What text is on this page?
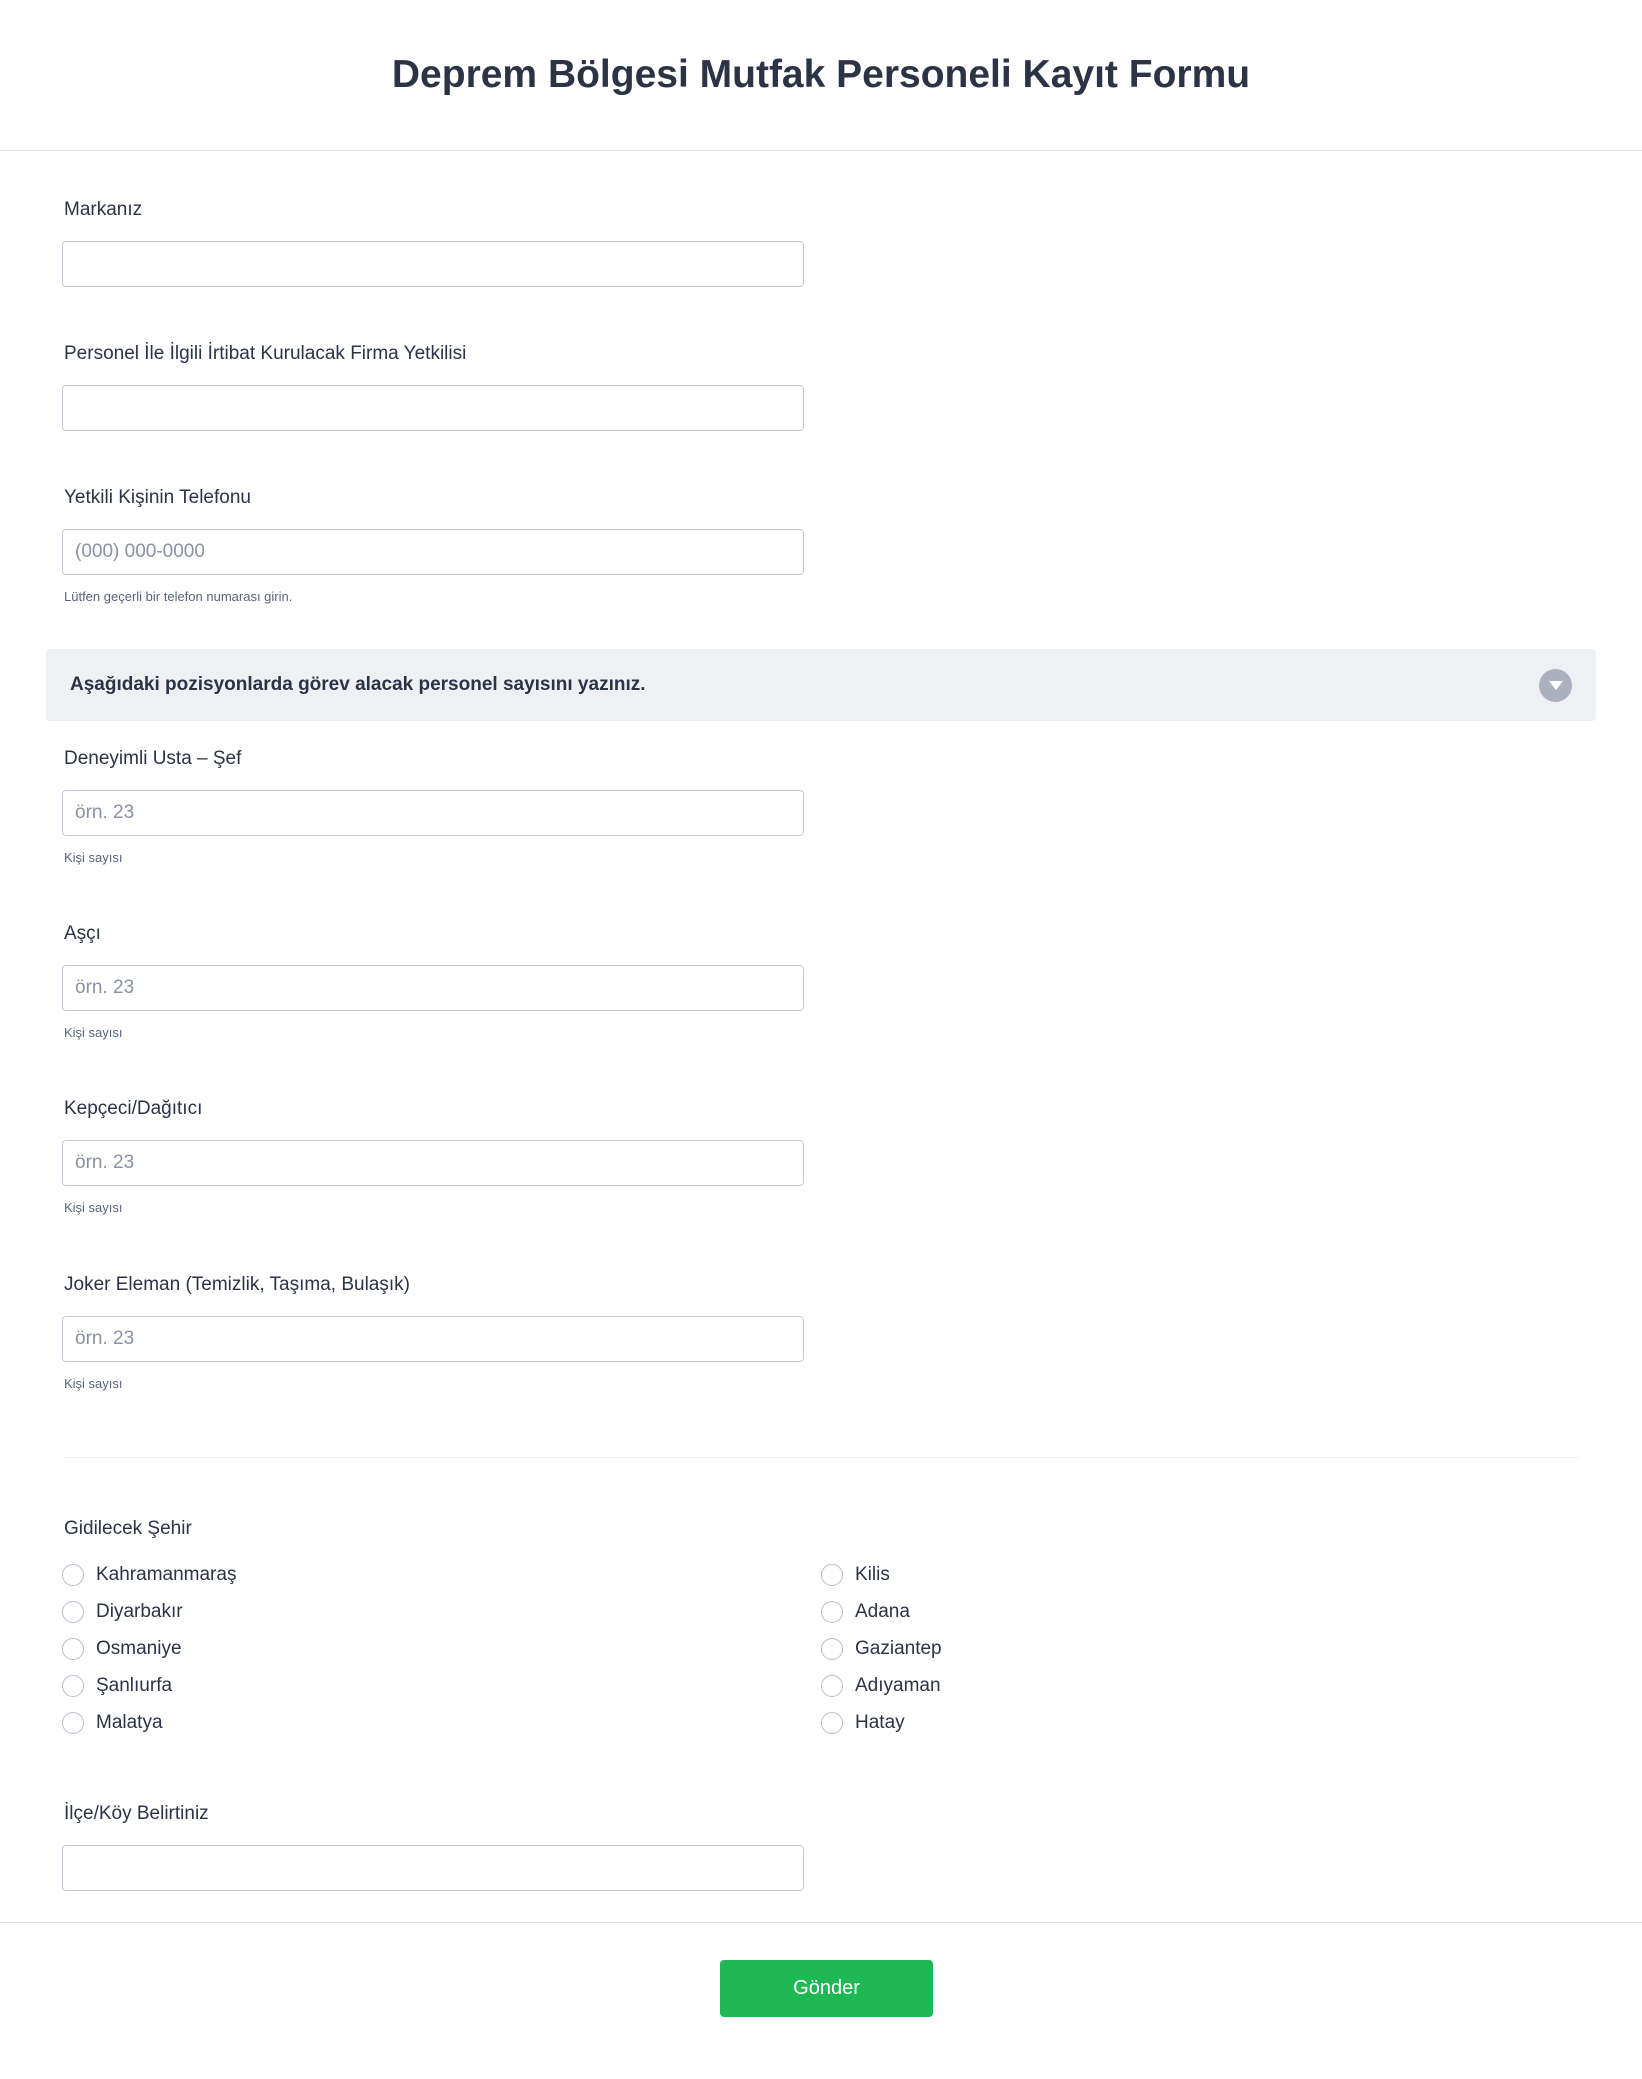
Deprem Bölgesi Mutfak Personeli Kayıt Formu
Markanız
Personel İle İlgili İrtibat Kurulacak Firma Yetkilisi
Yetkili Kişinin Telefonu
(000) 000-0000
Lütfen geçerli bir telefon numarası girin.
Aşağıdaki pozisyonlarda görev alacak personel sayısını yazınız.
Deneyimli Usta – Şef
örn. 23
Kişi sayısı
Aşçı
örn. 23
Kişi sayısı
Kepçeci/Dağıtıcı
örn. 23
Kişi sayısı
Joker Eleman (Temizlik, Taşıma, Bulaşık)
örn. 23
Kişi sayısı
Gidilecek Şehir
Kahramanmaraş
Diyarbakır
Osmaniye
Şanlıurfa
Malatya
Kilis
Adana
Gaziantep
Adıyaman
Hatay
İlçe/Köy Belirtiniz
Gönder
